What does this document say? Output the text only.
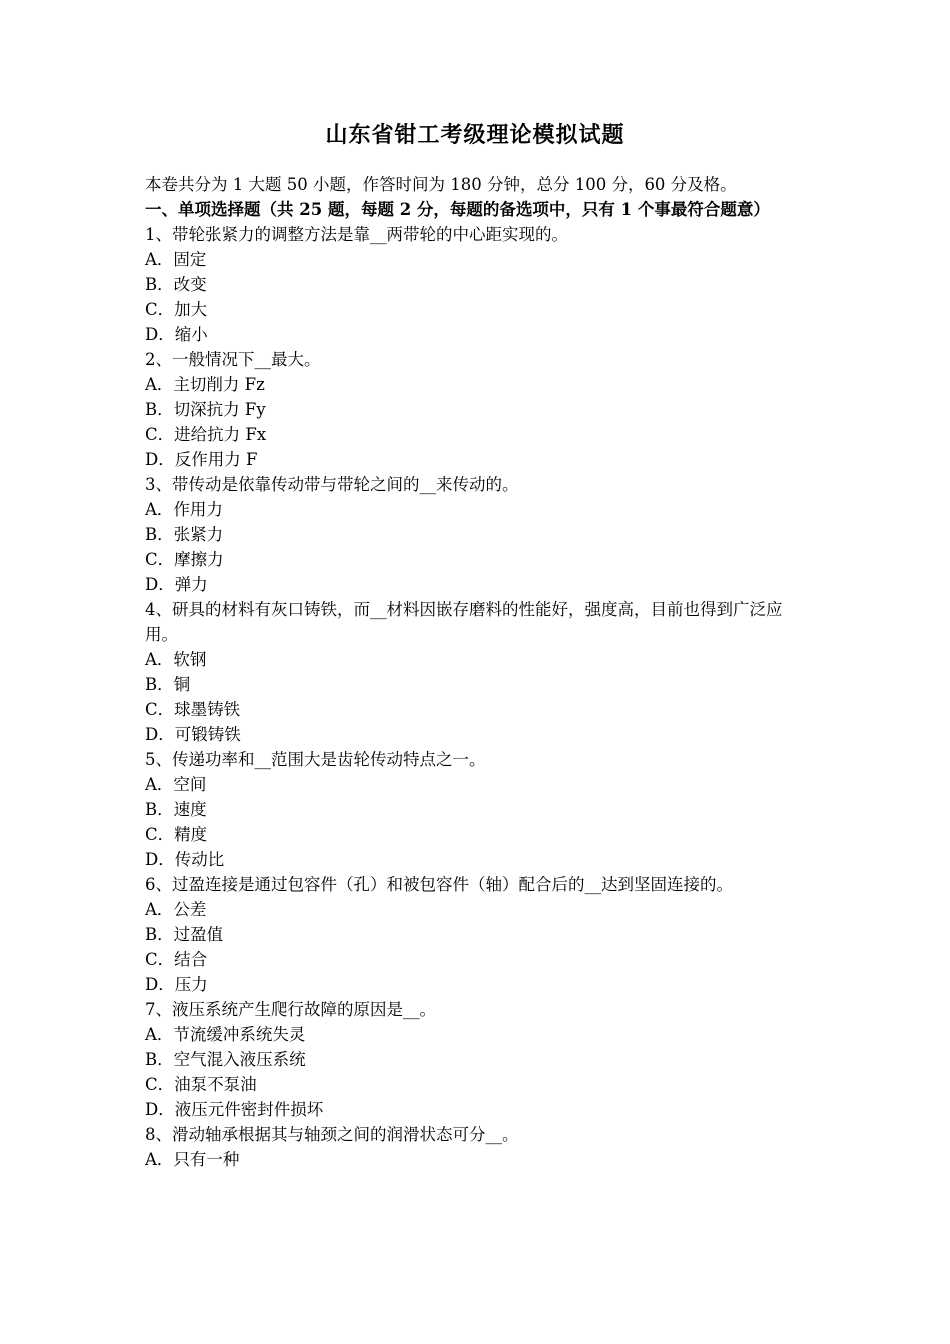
山东省钳工考级理论模拟试题
本卷共分为 1 大题 50 小题，作答时间为 180 分钟，总分 100 分，60 分及格。
一、单项选择题（共 25 题，每题 2 分，每题的备选项中，只有 1 个事最符合题意）
1、带轮张紧力的调整方法是靠__两带轮的中心距实现的。
A．固定
B．改变
C．加大
D．缩小
2、一般情况下__最大。
A．主切削力 Fz
B．切深抗力 Fy
C．进给抗力 Fx
D．反作用力 F
3、带传动是依靠传动带与带轮之间的__来传动的。
A．作用力
B．张紧力
C．摩擦力
D．弹力
4、研具的材料有灰口铸铁，而__材料因嵌存磨料的性能好，强度高，目前也得到广泛应用。
A．软钢
B．铜
C．球墨铸铁
D．可锻铸铁
5、传递功率和__范围大是齿轮传动特点之一。
A．空间
B．速度
C．精度
D．传动比
6、过盈连接是通过包容件（孔）和被包容件（轴）配合后的__达到坚固连接的。
A．公差
B．过盈值
C．结合
D．压力
7、液压系统产生爬行故障的原因是__。
A．节流缓冲系统失灵
B．空气混入液压系统
C．油泵不泵油
D．液压元件密封件损坏
8、滑动轴承根据其与轴颈之间的润滑状态可分__。
A．只有一种
